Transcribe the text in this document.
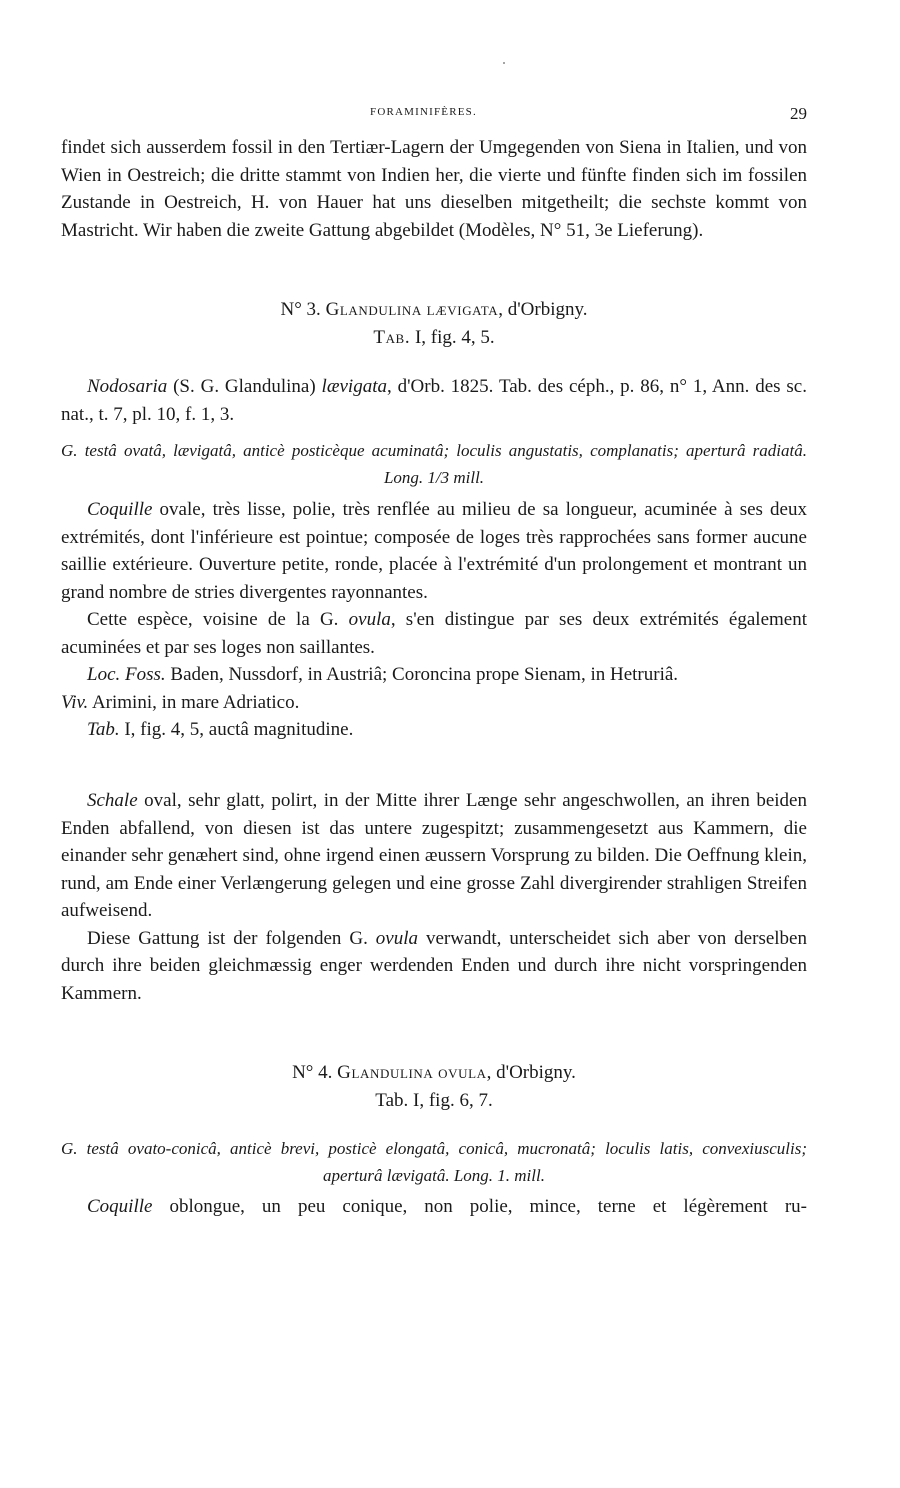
FORAMINIFÈRES.	29

findet sich ausserdem fossil in den Tertiær-Lagern der Umgegenden von Siena in Italien, und von Wien in Oestreich; die dritte stammt von Indien her, die vierte und fünfte finden sich im fossilen Zustande in Oestreich, H. von Hauer hat uns dieselben mitgetheilt; die sechste kommt von Mastricht. Wir haben die zweite Gattung abgebildet (Modèles, N° 51, 3e Lieferung).

N° 3. Glandulina lævigata, d'Orbigny.

Tab. I, fig. 4, 5.

Nodosaria (S. G. Glandulina) lævigata, d'Orb. 1825. Tab. des céph., p. 86, n° 1, Ann. des sc. nat., t. 7, pl. 10, f. 1, 3.

G. testâ ovatâ, lævigatâ, anticè posticèque acuminatâ; loculis angustatis, complanatis; aperturâ radiatâ. Long. 1/3 mill.

Coquille ovale, très lisse, polie, très renflée au milieu de sa longueur, acuminée à ses deux extrémités, dont l'inférieure est pointue; composée de loges très rapprochées sans former aucune saillie extérieure. Ouverture petite, ronde, placée à l'extrémité d'un prolongement et montrant un grand nombre de stries divergentes rayonnantes.

Cette espèce, voisine de la G. ovula, s'en distingue par ses deux extrémités également acuminées et par ses loges non saillantes.

Loc. Foss. Baden, Nussdorf, in Austriâ; Coroncina prope Sienam, in Hetruriâ.

Viv. Arimini, in mare Adriatico.

Tab. I, fig. 4, 5, auctâ magnitudine.

Schale oval, sehr glatt, polirt, in der Mitte ihrer Længe sehr angeschwollen, an ihren beiden Enden abfallend, von diesen ist das untere zugespitzt; zusammengesetzt aus Kammern, die einander sehr genæhert sind, ohne irgend einen æussern Vorsprung zu bilden. Die Oeffnung klein, rund, am Ende einer Verlængerung gelegen und eine grosse Zahl divergirender strahligen Streifen aufweisend.

Diese Gattung ist der folgenden G. ovula verwandt, unterscheidet sich aber von derselben durch ihre beiden gleichmæssig enger werdenden Enden und durch ihre nicht vorspringenden Kammern.

N° 4. Glandulina ovula, d'Orbigny.

Tab. I, fig. 6, 7.

G. testâ ovato-conicâ, anticè brevi, posticè elongatâ, conicâ, mucronatâ; loculis latis, convexiusculis; aperturâ lævigatâ. Long. 1. mill.

Coquille oblongue, un peu conique, non polie, mince, terne et légèrement ru-
